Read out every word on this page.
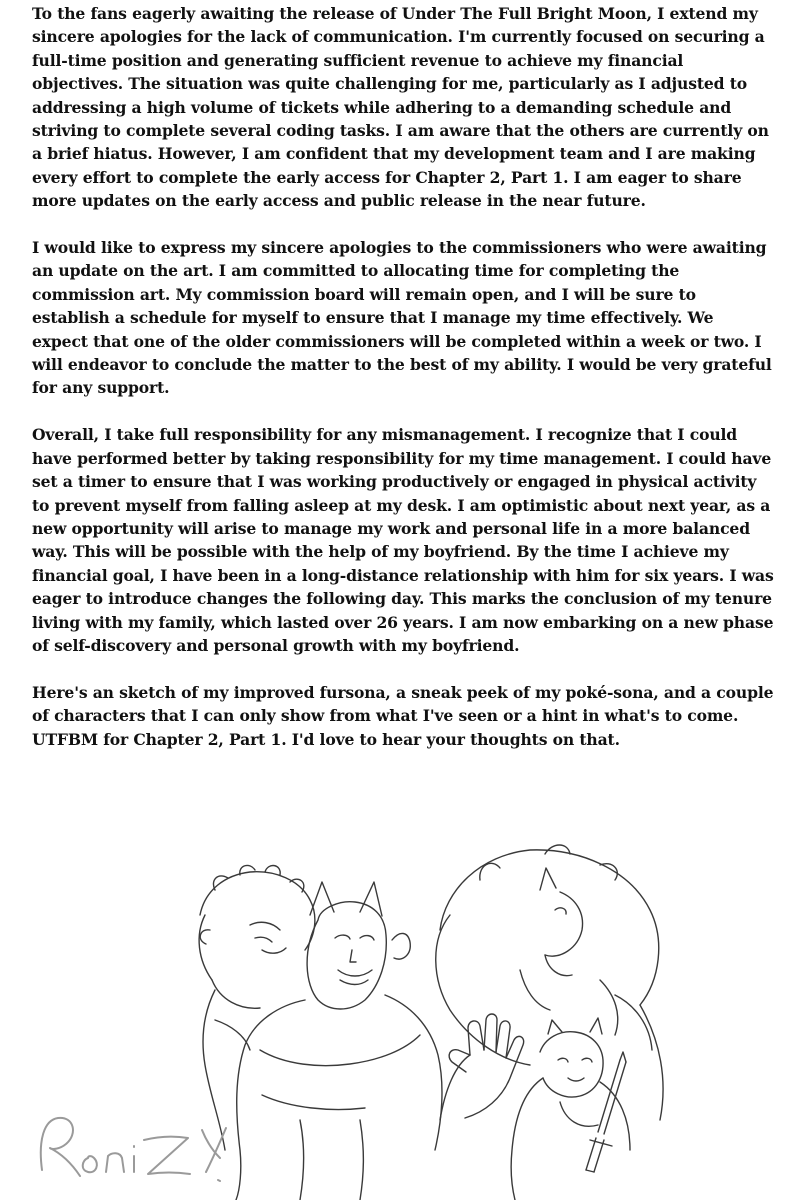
To the fans eagerly awaiting the release of Under The Full Bright Moon, I extend my sincere apologies for the lack of communication. I'm currently focused on securing a full-time position and generating sufficient revenue to achieve my financial objectives. The situation was quite challenging for me, particularly as I adjusted to addressing a high volume of tickets while adhering to a demanding schedule and striving to complete several coding tasks. I am aware that the others are currently on a brief hiatus. However, I am confident that my development team and I are making every effort to complete the early access for Chapter 2, Part 1. I am eager to share more updates on the early access and public release in the near future.

I would like to express my sincere apologies to the commissioners who were awaiting an update on the art. I am committed to allocating time for completing the commission art. My commission board will remain open, and I will be sure to establish a schedule for myself to ensure that I manage my time effectively. We expect that one of the older commissioners will be completed within a week or two. I will endeavor to conclude the matter to the best of my ability. I would be very grateful for any support.

Overall, I take full responsibility for any mismanagement. I recognize that I could have performed better by taking responsibility for my time management. I could have set a timer to ensure that I was working productively or engaged in physical activity to prevent myself from falling asleep at my desk. I am optimistic about next year, as a new opportunity will arise to manage my work and personal life in a more balanced way. This will be possible with the help of my boyfriend. By the time I achieve my financial goal, I have been in a long-distance relationship with him for six years. I was eager to introduce changes the following day. This marks the conclusion of my tenure living with my family, which lasted over 26 years. I am now embarking on a new phase of self-discovery and personal growth with my boyfriend.

Here's an sketch of my improved fursona, a sneak peek of my poké-sona, and a couple of characters that I can only show from what I've seen or a hint in what's to come. UTFBM for Chapter 2, Part 1. I'd love to hear your thoughts on that.
